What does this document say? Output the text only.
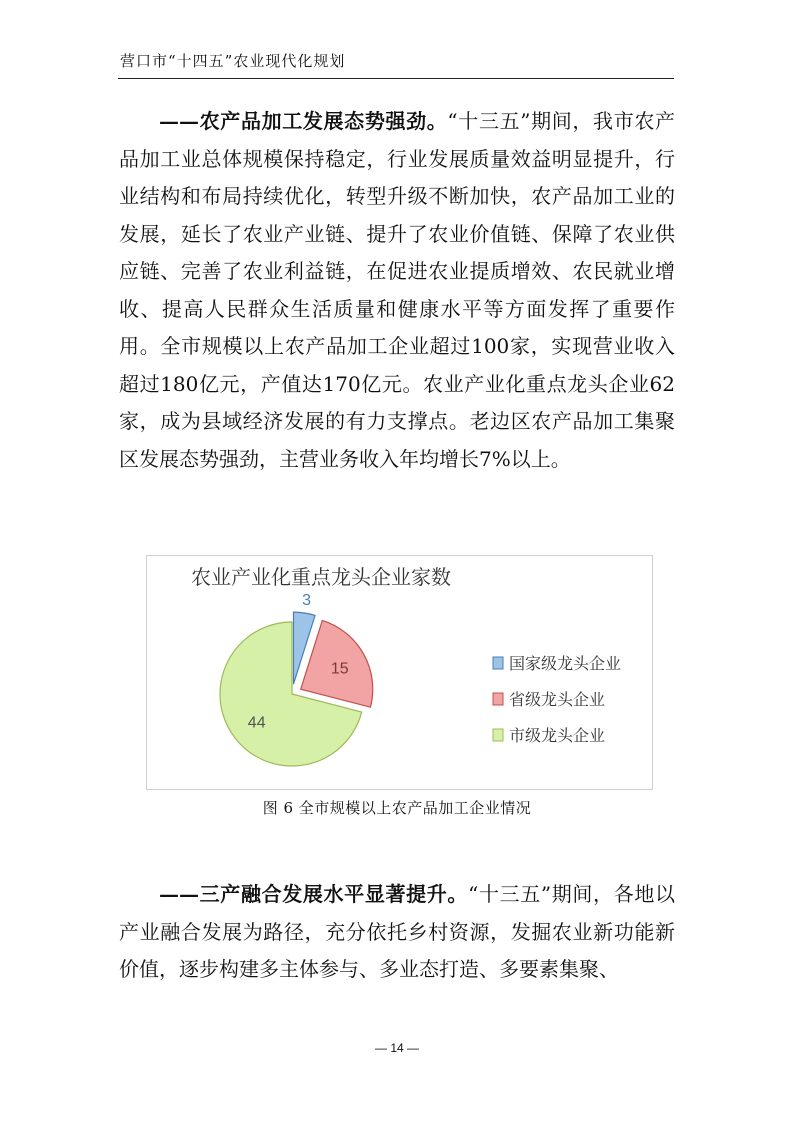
营口市“十四五”农业现代化规划

——农产品加工发展态势强劲。“十三五”期间，我市农产品加工业总体规模保持稳定，行业发展质量效益明显提升，行业结构和布局持续优化，转型升级不断加快，农产品加工业的发展，延长了农业产业链、提升了农业价值链、保障了农业供应链、完善了农业利益链，在促进农业提质增效、农民就业增收、提高人民群众生活质量和健康水平等方面发挥了重要作用。全市规模以上农产品加工企业超过100家，实现营业收入超过180亿元，产值达170亿元。农业产业化重点龙头企业62家，成为县域经济发展的有力支撑点。老边区农产品加工集聚区发展态势强劲，主营业务收入年均增长7%以上。

农业产业化重点龙头企业家数
3
15
44
国家级龙头企业
省级龙头企业
市级龙头企业
图 6 全市规模以上农产品加工企业情况

——三产融合发展水平显著提升。“十三五”期间，各地以产业融合发展为路径，充分依托乡村资源，发掘农业新功能新价值，逐步构建多主体参与、多业态打造、多要素集聚、

— 14 —
